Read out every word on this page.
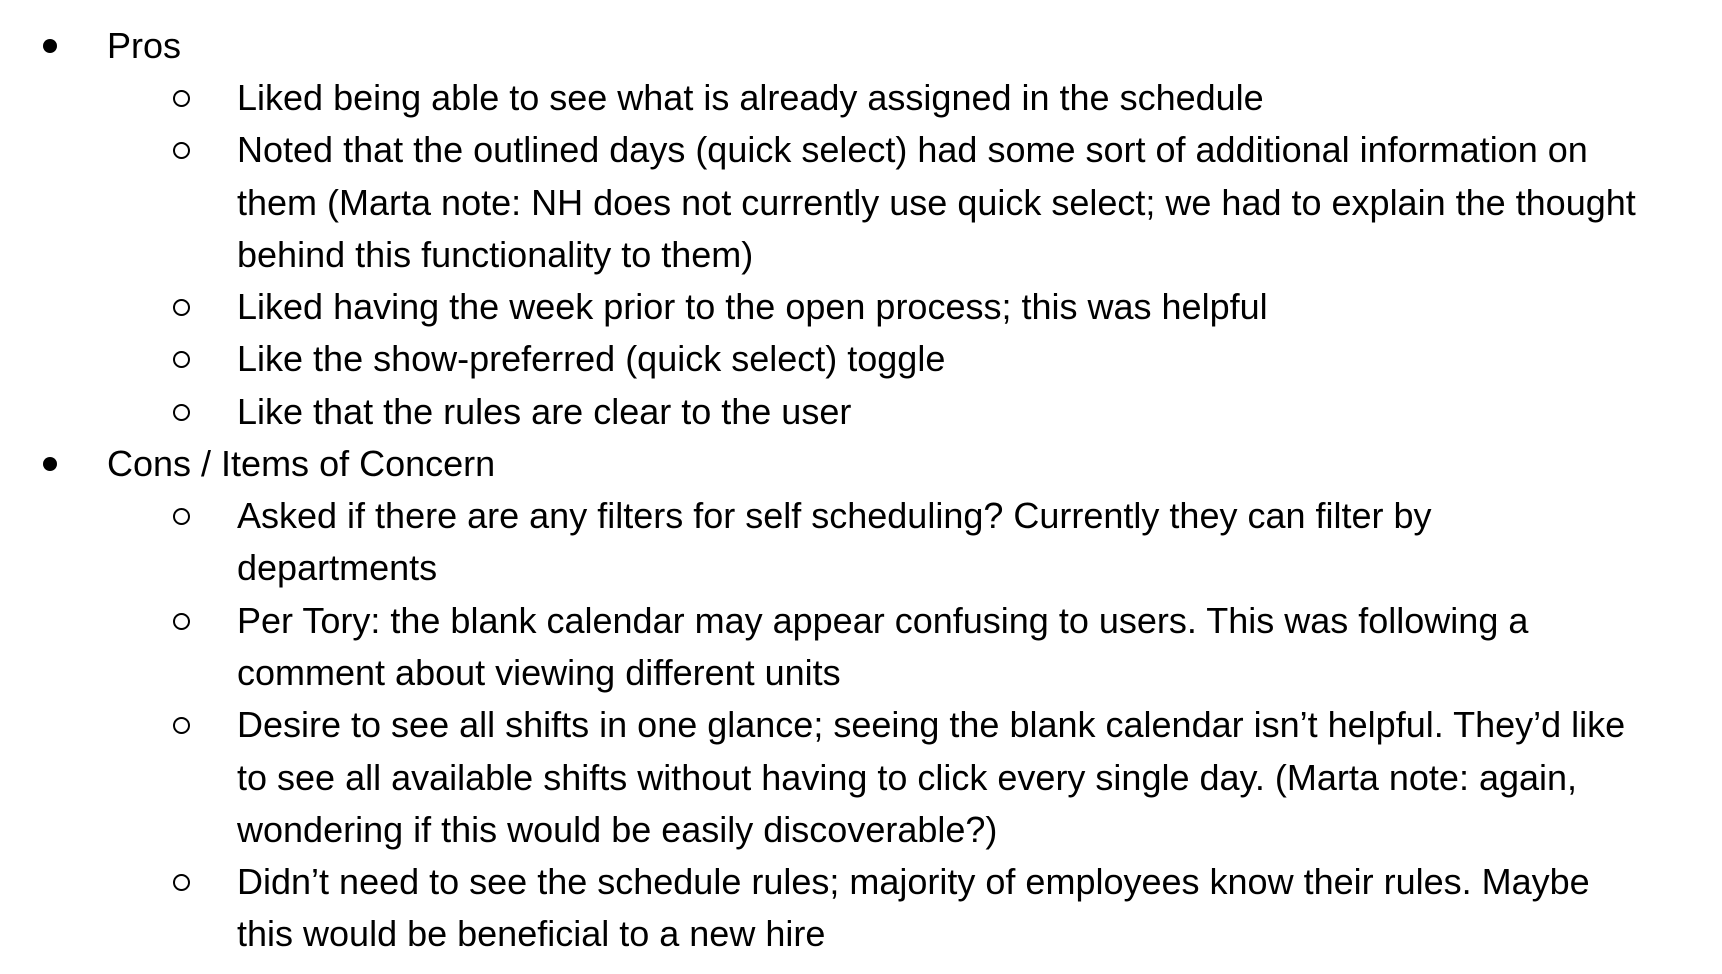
Pros
Liked being able to see what is already assigned in the schedule
Noted that the outlined days (quick select) had some sort of additional information on them (Marta note: NH does not currently use quick select; we had to explain the thought behind this functionality to them)
Liked having the week prior to the open process; this was helpful
Like the show-preferred (quick select) toggle
Like that the rules are clear to the user
Cons / Items of Concern
Asked if there are any filters for self scheduling? Currently they can filter by departments
Per Tory: the blank calendar may appear confusing to users. This was following a comment about viewing different units
Desire to see all shifts in one glance; seeing the blank calendar isn’t helpful. They’d like to see all available shifts without having to click every single day. (Marta note: again, wondering if this would be easily discoverable?)
Didn’t need to see the schedule rules; majority of employees know their rules. Maybe this would be beneficial to a new hire
